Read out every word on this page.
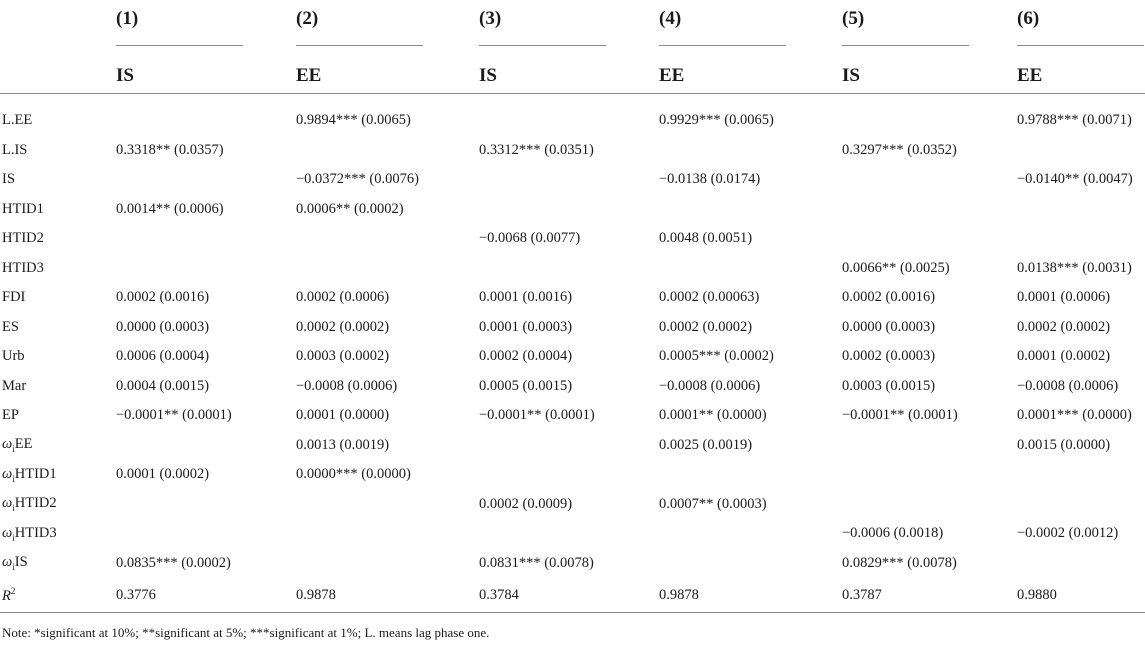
	(1)	(2)	(3)	(4)	(5)	(6)

	IS	EE	IS	EE	IS	EE

L.EE		0.9894*** (0.0065)		0.9929*** (0.0065)		0.9788*** (0.0071)
L.IS	0.3318** (0.0357)		0.3312*** (0.0351)		0.3297*** (0.0352)	
IS		−0.0372*** (0.0076)		−0.0138 (0.0174)		−0.0140** (0.0047)
HTID1	0.0014** (0.0006)	0.0006** (0.0002)				
HTID2			−0.0068 (0.0077)	0.0048 (0.0051)		
HTID3					0.0066** (0.0025)	0.0138*** (0.0031)
FDI	0.0002 (0.0016)	0.0002 (0.0006)	0.0001 (0.0016)	0.0002 (0.00063)	0.0002 (0.0016)	0.0001 (0.0006)
ES	0.0000 (0.0003)	0.0002 (0.0002)	0.0001 (0.0003)	0.0002 (0.0002)	0.0000 (0.0003)	0.0002 (0.0002)
Urb	0.0006 (0.0004)	0.0003 (0.0002)	0.0002 (0.0004)	0.0005*** (0.0002)	0.0002 (0.0003)	0.0001 (0.0002)
Mar	0.0004 (0.0015)	−0.0008 (0.0006)	0.0005 (0.0015)	−0.0008 (0.0006)	0.0003 (0.0015)	−0.0008 (0.0006)
EP	−0.0001** (0.0001)	0.0001 (0.0000)	−0.0001** (0.0001)	0.0001** (0.0000)	−0.0001** (0.0001)	0.0001*** (0.0000)
$\omega_iEE$		0.0013 (0.0019)		0.0025 (0.0019)		0.0015 (0.0000)
$\omega_iHTID1$	0.0001 (0.0002)	0.0000*** (0.0000)				
$\omega_iHTID2$			0.0002 (0.0009)	0.0007** (0.0003)		
$\omega_iHTID3$					−0.0006 (0.0018)	−0.0002 (0.0012)
$\omega_iIS$	0.0835*** (0.0002)		0.0831*** (0.0078)		0.0829*** (0.0078)	
$R^2$	0.3776	0.9878	0.3784	0.9878	0.3787	0.9880
Note: *significant at 10%; **significant at 5%; ***significant at 1%; L. means lag phase one.
